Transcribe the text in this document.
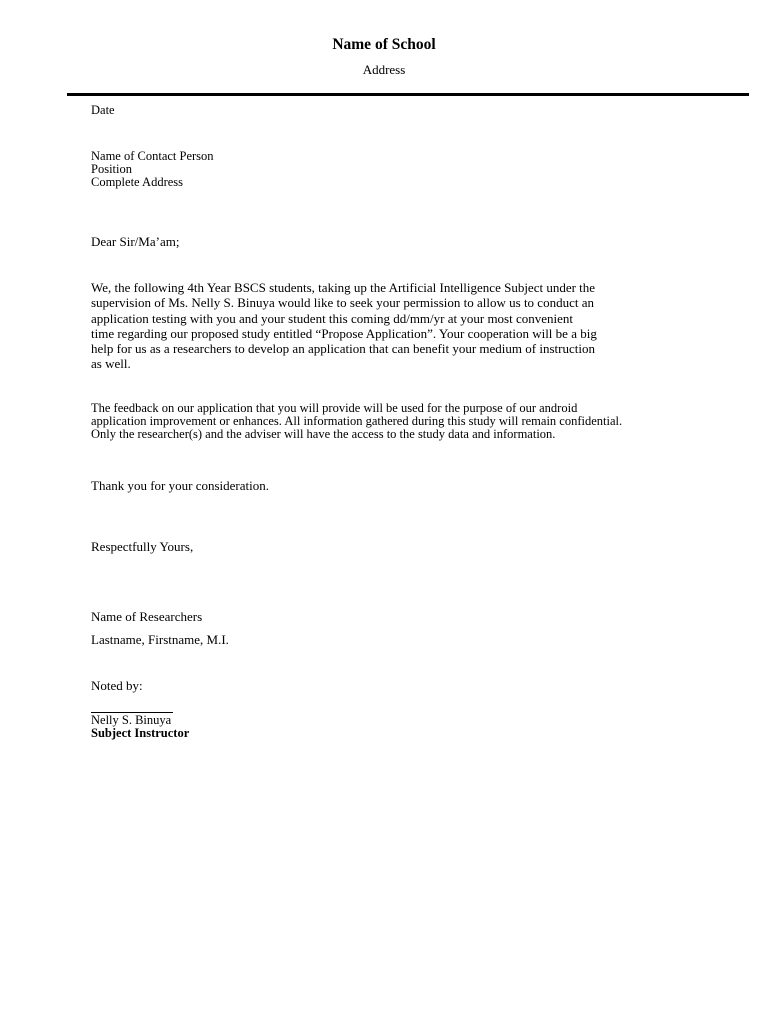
Name of School

Address

Date

Name of Contact Person
Position
Complete Address

Dear Sir/Ma’am;

We, the following 4th Year BSCS students, taking up the Artificial Intelligence Subject under the
supervision of Ms. Nelly S. Binuya would like to seek your permission to allow us to conduct an
application testing with you and your student this coming dd/mm/yr at your most convenient
time regarding our proposed study entitled “Propose Application”. Your cooperation will be a big
help for us as a researchers to develop an application that can benefit your medium of instruction
as well.
The feedback on our application that you will provide will be used for the purpose of our android
application improvement or enhances. All information gathered during this study will remain confidential.
Only the researcher(s) and the adviser will have the access to the study data and information.

Thank you for your consideration.

Respectfully Yours,

Name of Researchers

Lastname, Firstname, M.I.

Noted by:

Nelly S. Binuya
Subject Instructor
